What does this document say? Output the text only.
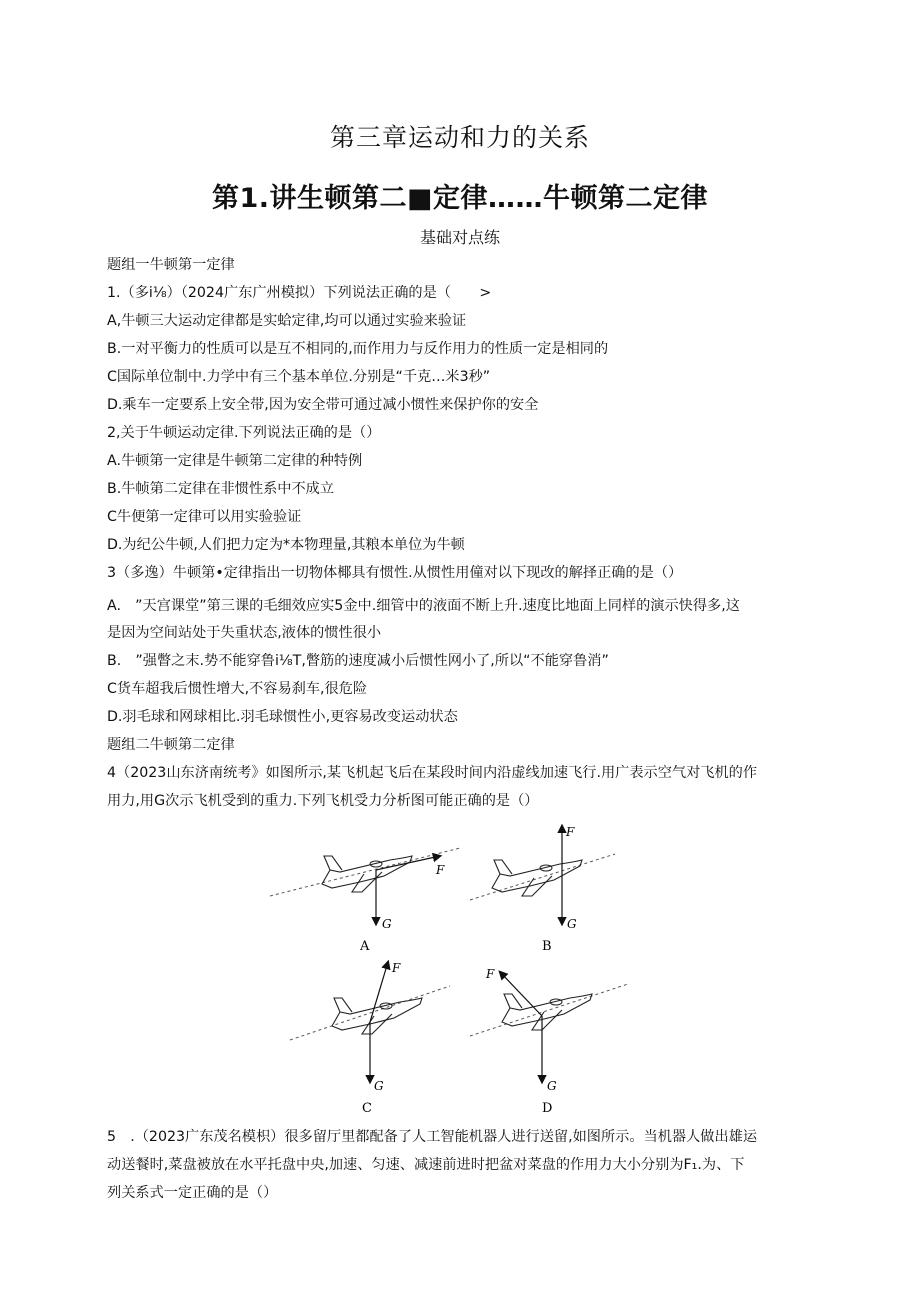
第三章运动和力的关系
第1.讲生顿第二■定律……牛顿第二定律
基础对点练
题组一牛顿第一定律
1.（多i⅛）（2024广东广州模拟）下列说法正确的是（　　>
A,牛顿三大运动定律都是实蛤定律,均可以通过实验来验证
B.一对平衡力的性质可以是互不相同的,而作用力与反作用力的性质一定是相同的
C国际单位制中.力学中有三个基本单位.分别是“千克…米3秒”
D.乘车一定要系上安全带,因为安全带可通过减小惯性来保护你的安全
2,关于牛顿运动定律.下列说法正确的是（）
A.牛顿第一定律是牛顿第二定律的种特例
B.牛帧第二定律在非惯性系中不成立
C牛便第一定律可以用实验验证
D.为纪公牛顿,人们把力定为*本物理量,其粮本单位为牛顿
3（多逸）牛顿第•定律指出一切物体椰具有惯性.从惯性用僮对以下现改的解择正确的是（）
A.　”天宫课堂”第三课的毛细效应实5金中.细管中的液面不断上升.速度比地面上同样的演示快得多,这
是因为空间站处于失重状态,液体的惯性很小
B.　”强瞥之末.势不能穿鲁i⅛T,瞥筋的速度减小后惯性网小了,所以“不能穿鲁消”
C货车超我后惯性增大,不容易刹车,很危险
D.羽毛球和网球相比.羽毛球惯性小,更容易改变运动状态
题组二牛顿第二定律
4（2023山东济南统考》如图所示,某飞机起飞后在某段时间内沿虚线加速飞行.用广表示空气对飞机的作
用力,用G次示飞机受到的重力.下列飞机受力分析图可能正确的是（）
F
G
A
F
G
B
F
G
C
F
G
D
5　.（2023广东茂名模枳）很多留厅里都配备了人工智能机器人进行送留,如图所示。当机器人做出雄运
动送餐时,菜盘被放在水平托盘中央,加速、匀速、减速前进时把盆对菜盘的作用力大小分别为F₁.为、下
列关系式一定正确的是（）
